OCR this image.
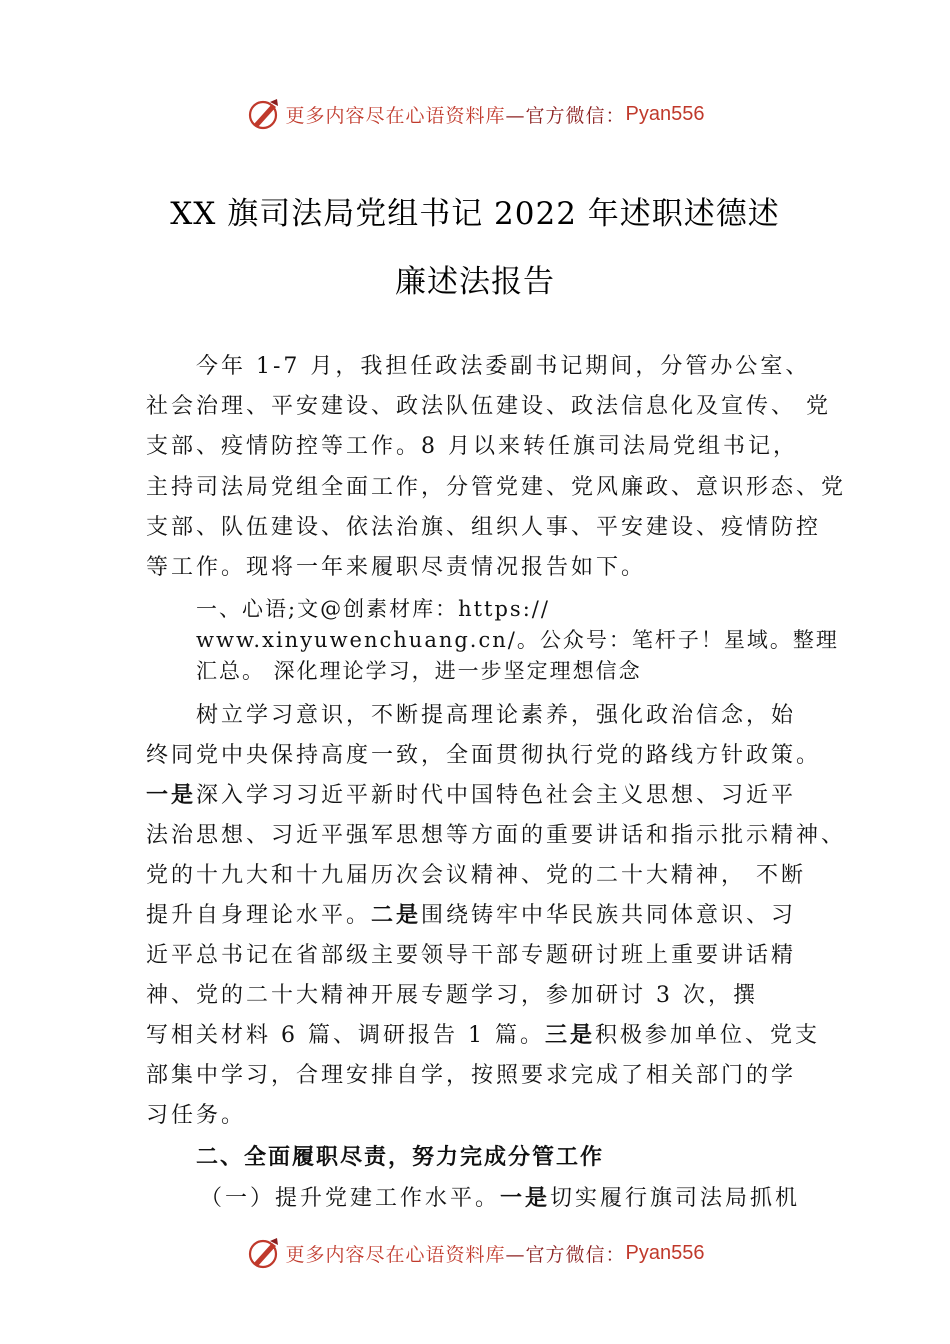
更多内容尽在心语资料库 —官方微信： Pyan556
XX 旗司法局党组书记 2022 年述职述德述
廉述法报告
今年 1-7 月，我担任政法委副书记期间，分管办公室、
社会治理、平安建设、政法队伍建设、政法信息化及宣传、 党
支部、疫情防控等工作。8 月以来转任旗司法局党组书记，
主持司法局党组全面工作，分管党建、党风廉政、意识形态、党
支部、队伍建设、依法治旗、组织人事、平安建设、疫情防控
等工作。现将一年来履职尽责情况报告如下。
一、心语;文@创素材库：https://
www.xinyuwenchuang.cn/。公众号：笔杆子！星域。整理
汇总。 深化理论学习，进一步坚定理想信念
树立学习意识，不断提高理论素养，强化政治信念，始
终同党中央保持高度一致，全面贯彻执行党的路线方针政策。
一是深入学习习近平新时代中国特色社会主义思想、习近平
法治思想、习近平强军思想等方面的重要讲话和指示批示精神、
党的十九大和十九届历次会议精神、党的二十大精神， 不断
提升自身理论水平。二是围绕铸牢中华民族共同体意识、习
近平总书记在省部级主要领导干部专题研讨班上重要讲话精
神、党的二十大精神开展专题学习，参加研讨 3 次，撰
写相关材料 6 篇、调研报告 1 篇。三是积极参加单位、党支
部集中学习，合理安排自学，按照要求完成了相关部门的学
习任务。
二、全面履职尽责，努力完成分管工作
（一）提升党建工作水平。一是切实履行旗司法局抓机
更多内容尽在心语资料库 —官方微信： Pyan556
